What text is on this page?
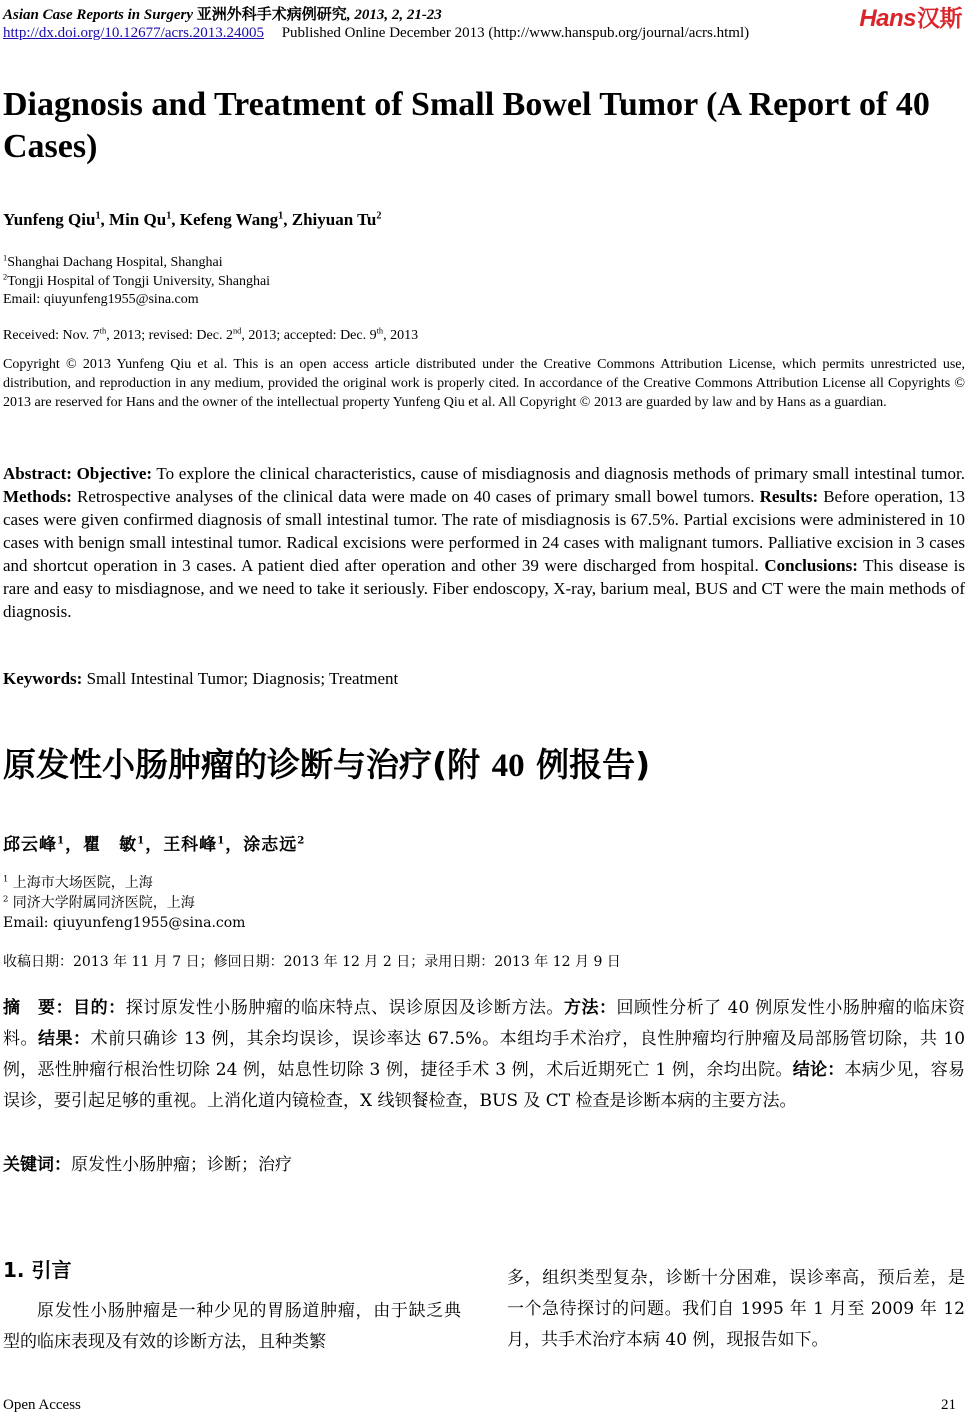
Asian Case Reports in Surgery 亚洲外科手术病例研究, 2013, 2, 21-23	Hans汉斯
http://dx.doi.org/10.12677/acrs.2013.24005 Published Online December 2013 (http://www.hanspub.org/journal/acrs.html)
Diagnosis and Treatment of Small Bowel Tumor (A Report of 40 Cases)
Yunfeng Qiu$^1$, Min Qu$^1$, Kefeng Wang$^1$, Zhiyuan Tu$^2$
$^1$Shanghai Dachang Hospital, Shanghai
$^2$Tongji Hospital of Tongji University, Shanghai
Email: qiuyunfeng1955@sina.com
Received: Nov. 7th, 2013; revised: Dec. 2nd, 2013; accepted: Dec. 9th, 2013
Copyright © 2013 Yunfeng Qiu et al. This is an open access article distributed under the Creative Commons Attribution License, which permits unrestricted use, distribution, and reproduction in any medium, provided the original work is properly cited. In accordance of the Creative Commons Attribution License all Copyrights © 2013 are reserved for Hans and the owner of the intellectual property Yunfeng Qiu et al. All Copyright © 2013 are guarded by law and by Hans as a guardian.
Abstract: Objective: To explore the clinical characteristics, cause of misdiagnosis and diagnosis methods of primary small intestinal tumor. Methods: Retrospective analyses of the clinical data were made on 40 cases of primary small bowel tumors. Results: Before operation, 13 cases were given confirmed diagnosis of small intestinal tumor. The rate of misdiagnosis is 67.5%. Partial excisions were administered in 10 cases with benign small intestinal tumor. Radical excisions were performed in 24 cases with malignant tumors. Palliative excision in 3 cases and shortcut operation in 3 cases. A patient died after operation and other 39 were discharged from hospital. Conclusions: This disease is rare and easy to misdiagnose, and we need to take it seriously. Fiber endoscopy, X-ray, barium meal, BUS and CT were the main methods of diagnosis.
Keywords: Small Intestinal Tumor; Diagnosis; Treatment
原发性小肠肿瘤的诊断与治疗(附 40 例报告)
邱云峰$^1$，瞿　敏$^1$，王科峰$^1$，涂志远$^2$
$^1$ 上海市大场医院，上海
$^2$ 同济大学附属同济医院，上海
Email: qiuyunfeng1955@sina.com
收稿日期：2013 年 11 月 7 日；修回日期：2013 年 12 月 2 日；录用日期：2013 年 12 月 9 日
摘　要：目的：探讨原发性小肠肿瘤的临床特点、误诊原因及诊断方法。方法：回顾性分析了 40 例原发性小肠肿瘤的临床资料。结果：术前只确诊 13 例，其余均误诊，误诊率达 67.5%。本组均手术治疗，良性肿瘤均行肿瘤及局部肠管切除，共 10 例，恶性肿瘤行根治性切除 24 例，姑息性切除 3 例，捷径手术 3 例，术后近期死亡 1 例，余均出院。结论：本病少见，容易误诊，要引起足够的重视。上消化道内镜检查，X 线钡餐检查，BUS 及 CT 检查是诊断本病的主要方法。
关键词：原发性小肠肿瘤；诊断；治疗
1. 引言
原发性小肠肿瘤是一种少见的胃肠道肿瘤，由于缺乏典型的临床表现及有效的诊断方法，且种类繁
多，组织类型复杂，诊断十分困难，误诊率高，预后差，是一个急待探讨的问题。我们自 1995 年 1 月至 2009 年 12 月，共手术治疗本病 40 例，现报告如下。
Open Access	21
